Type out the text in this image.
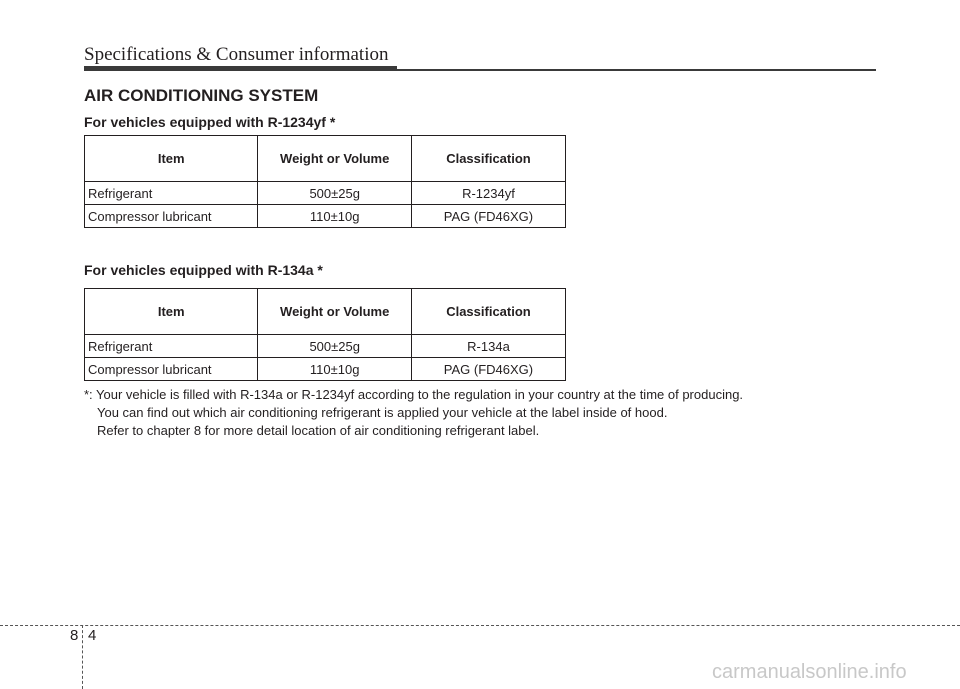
Specifications & Consumer information
AIR CONDITIONING SYSTEM
For vehicles equipped with R-1234yf *
Item	Weight or Volume	Classification
Refrigerant	500±25g	R-1234yf
Compressor lubricant	110±10g	PAG (FD46XG)
For vehicles equipped with R-134a *
Item	Weight or Volume	Classification
Refrigerant	500±25g	R-134a
Compressor lubricant	110±10g	PAG (FD46XG)
*: Your vehicle is filled with R-134a or R-1234yf according to the regulation in your country at the time of producing.
You can find out which air conditioning refrigerant is applied your vehicle at the label inside of hood.
Refer to chapter 8 for more detail location of air conditioning refrigerant label.
8 4
carmanualsonline.info
